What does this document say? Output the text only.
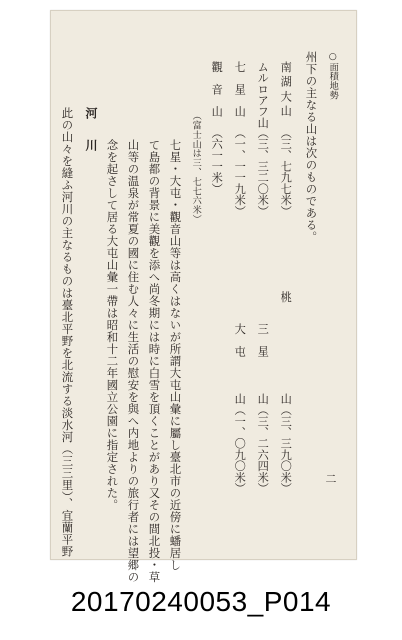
○面積地勢
州下の主なる山は次のものである。
南 湖 大 山
（三、七九七米）
ムルロアフ山
（三、三二〇米）
七　星　山
（一、一一九米）
觀　音　山
（六一一米）
桃
山（三、三九〇米）
三　星
山（三、二六四米）
大　屯
山（一、〇九〇米）
（富士山は三、七七六米）
七星・大屯・觀音山等は高くはないが所謂大屯山彙に屬し臺北市の近傍に蟠居し
て島都の背景に美觀を添へ尚冬期には時に白雪を頂くことがあり又その間北投・草
山等の温泉が常夏の國に住む人々に生活の慰安を與へ内地よりの旅行者には望郷の
念を起さして居る大屯山彙一帶は昭和十二年國立公園に指定された。
河　川
此の山々を縫ふ河川の主なるものは臺北平野を北流する淡水河（三三里）、宜蘭平野	二
20170240053_P014
